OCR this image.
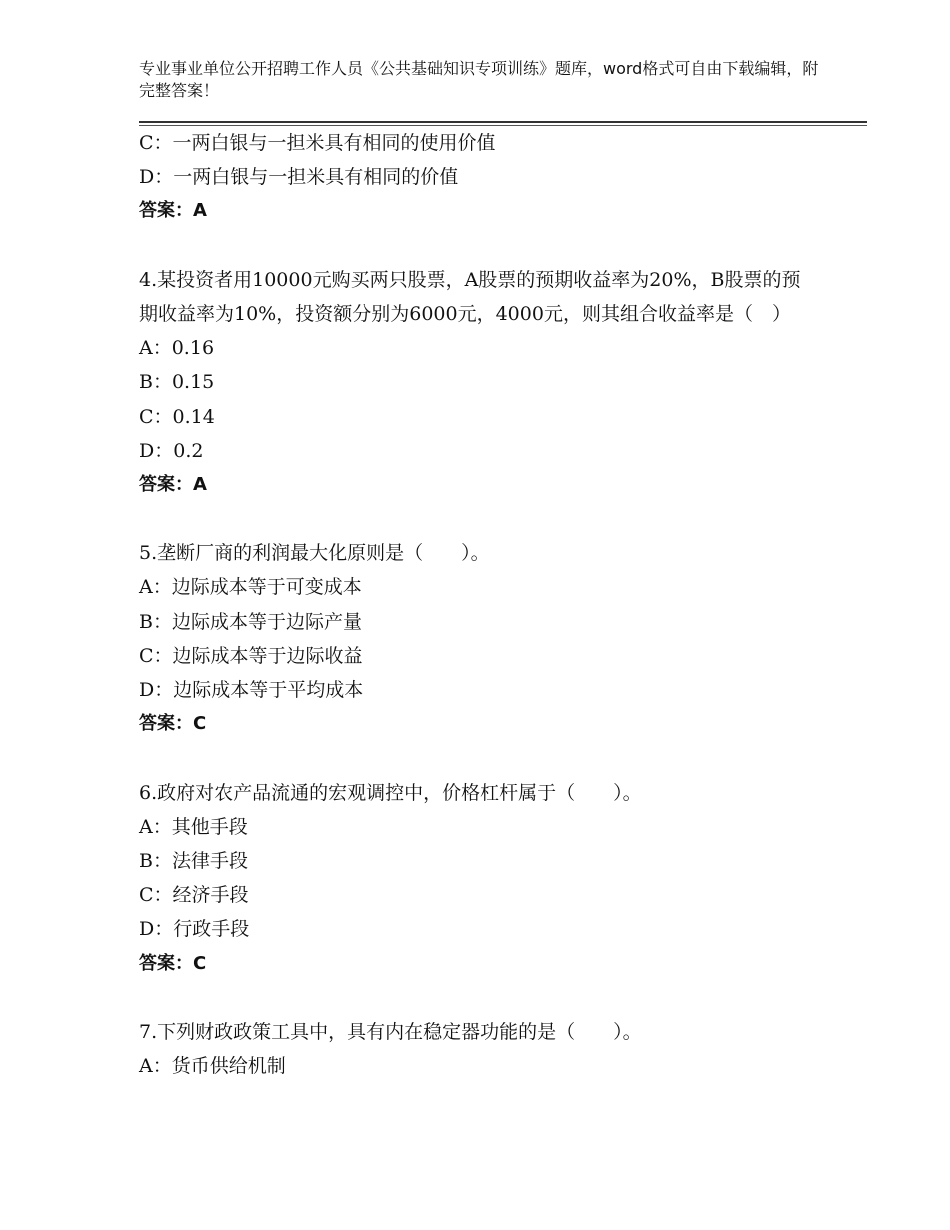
专业事业单位公开招聘工作人员《公共基础知识专项训练》题库，word格式可自由下载编辑，附完整答案！
C：一两白银与一担米具有相同的使用价值
D：一两白银与一担米具有相同的价值
答案：A
4.某投资者用10000元购买两只股票，A股票的预期收益率为20%，B股票的预期收益率为10%，投资额分别为6000元，4000元，则其组合收益率是（　）
A：0.16
B：0.15
C：0.14
D：0.2
答案：A
5.垄断厂商的利润最大化原则是（　　）。
A：边际成本等于可变成本
B：边际成本等于边际产量
C：边际成本等于边际收益
D：边际成本等于平均成本
答案：C
6.政府对农产品流通的宏观调控中，价格杠杆属于（　　）。
A：其他手段
B：法律手段
C：经济手段
D：行政手段
答案：C
7.下列财政政策工具中，具有内在稳定器功能的是（　　）。
A：货币供给机制
